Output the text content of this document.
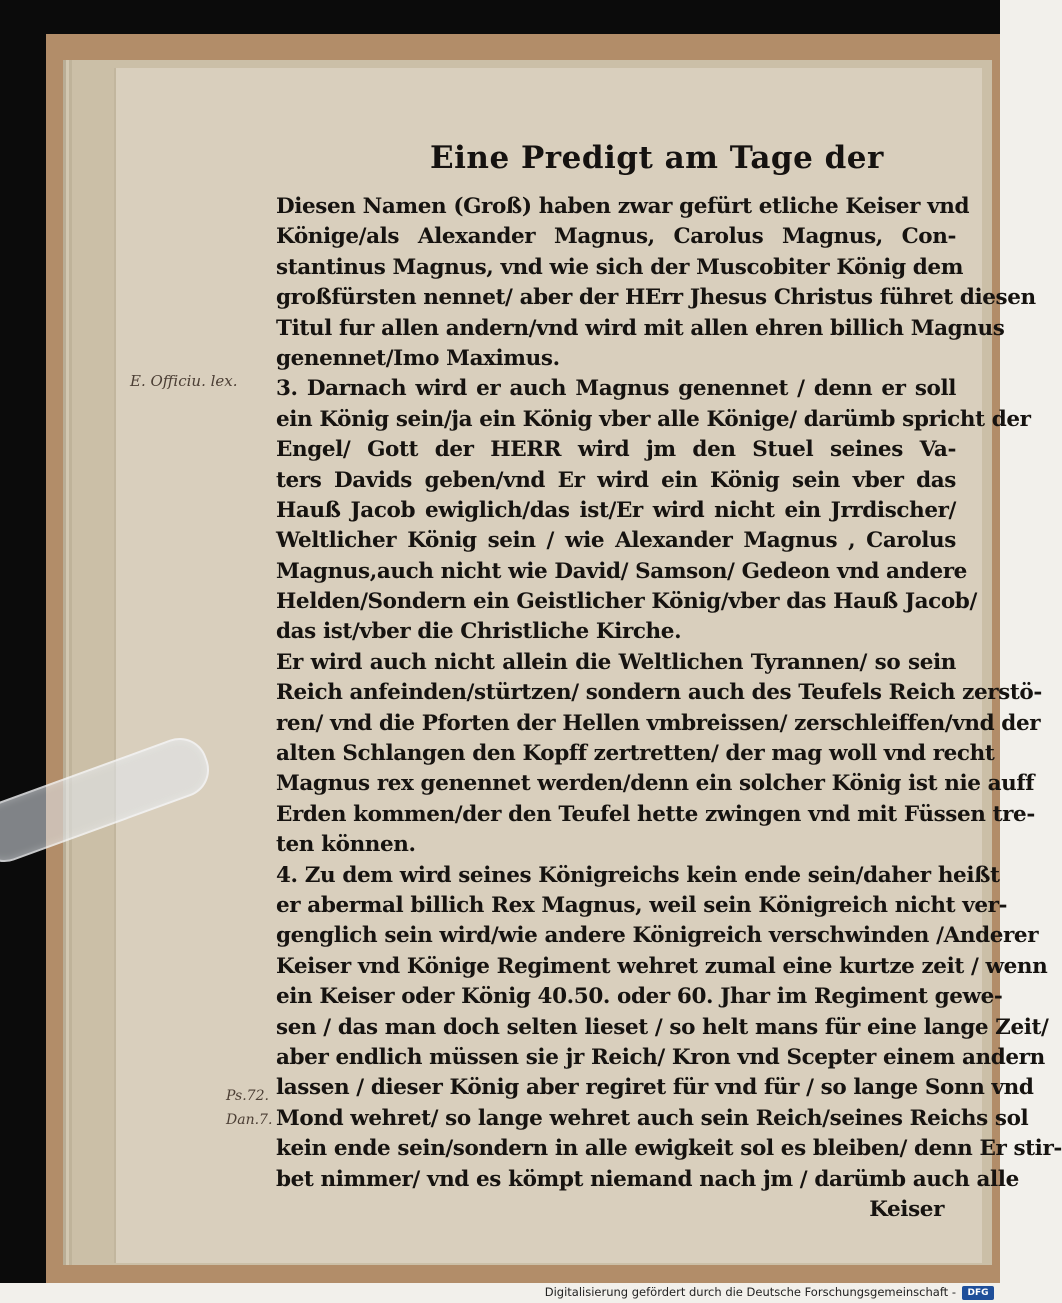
Eine Predigt am Tage der
E. Officiu. lex.
Ps.72.
Dan.7.
Diesen Namen (Groß) haben zwar gefürt etliche Keiser vnd
Könige/als Alexander Magnus, Carolus Magnus, Con-
stantinus Magnus, vnd wie sich der Muscobiter König dem
großfürsten nennet/ aber der HErr Jhesus Christus führet diesen
Titul fur allen andern/vnd wird mit allen ehren billich Magnus
genennet/Imo Maximus.
3. Darnach wird er auch Magnus genennet / denn er soll
ein König sein/ja ein König vber alle Könige/ darümb spricht der
Engel/ Gott der HERR wird jm den Stuel seines Va-
ters Davids geben/vnd Er wird ein König sein vber das
Hauß Jacob ewiglich/das ist/Er wird nicht ein Jrrdischer/
Weltlicher König sein / wie Alexander Magnus , Carolus
Magnus,auch nicht wie David/ Samson/ Gedeon vnd andere
Helden/Sondern ein Geistlicher König/vber das Hauß Jacob/
das ist/vber die Christliche Kirche.
Er wird auch nicht allein die Weltlichen Tyrannen/ so sein
Reich anfeinden/stürtzen/ sondern auch des Teufels Reich zerstö-
ren/ vnd die Pforten der Hellen vmbreissen/ zerschleiffen/vnd der
alten Schlangen den Kopff zertretten/ der mag woll vnd recht
Magnus rex genennet werden/denn ein solcher König ist nie auff
Erden kommen/der den Teufel hette zwingen vnd mit Füssen tre-
ten können.
4. Zu dem wird seines Königreichs kein ende sein/daher heißt
er abermal billich Rex Magnus, weil sein Königreich nicht ver-
genglich sein wird/wie andere Königreich verschwinden /Anderer
Keiser vnd Könige Regiment wehret zumal eine kurtze zeit / wenn
ein Keiser oder König 40.50. oder 60. Jhar im Regiment gewe-
sen / das man doch selten lieset / so helt mans für eine lange Zeit/
aber endlich müssen sie jr Reich/ Kron vnd Scepter einem andern
lassen / dieser König aber regiret für vnd für / so lange Sonn vnd
Mond wehret/ so lange wehret auch sein Reich/seines Reichs sol
kein ende sein/sondern in alle ewigkeit sol es bleiben/ denn Er stir-
bet nimmer/ vnd es kömpt niemand nach jm / darümb auch alle
Keiser
Digitalisierung gefördert durch die Deutsche Forschungsgemeinschaft -	DFG
